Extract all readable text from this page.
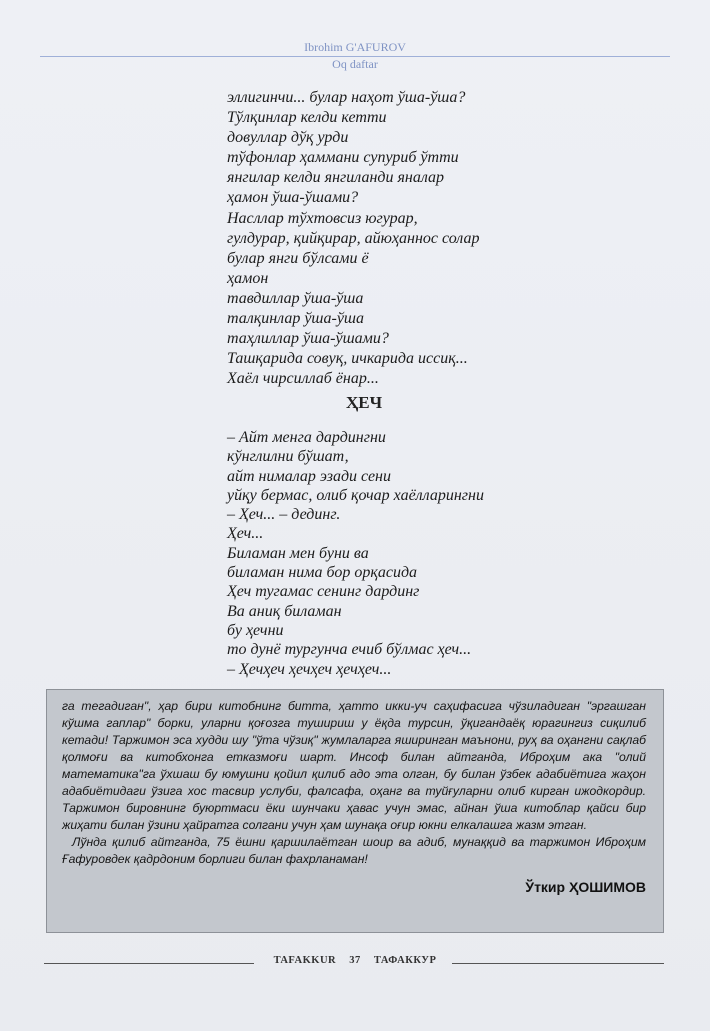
Ibrohim G'AFUROV
Oq daftar
эллигинчи... булар наҳот ўша-ўша?
Тўлқинлар келди кетти
довуллар дўқ урди
тўфонлар ҳаммани супуриб ўтти
янгилар келди янгиланди яналар
ҳамон ўша-ўшами?
Насллар тўхтовсиз югурар,
гулдурар, қийқирар, айюҳаннос солар
булар янги бўлсами ё
ҳамон
тавдиллар ўша-ўша
талқинлар ўша-ўша
таҳлиллар ўша-ўшами?
Ташқарида совуқ, ичкарида иссиқ...
Хаёл чирсиллаб ёнар...
ҲЕЧ
– Айт менга дардингни
кўнглилни бўшат,
айт нималар эзади сени
уйқу бермас, олиб қочар хаёлларингни
– Ҳеч... – дединг.
Ҳеч...
Биламан мен буни ва
биламан нима бор орқасида
Ҳеч тугамас сенинг дардинг
Ва аниқ биламан
бу ҳечни
то дунё тургунча ечиб бўлмас ҳеч...
– Ҳечҳеч ҳечҳеч ҳечҳеч...

га тегадиган", ҳар бири китобнинг битта, ҳатто икки-уч саҳифасига чўзиладиган "эргашган кўшма гаплар" борки, уларни қоғозга тушириш у ёқда турсин, ўқигандаёқ юрагингиз сиқилиб кетади! Таржимон эса худди шу "ўта чўзиқ" жумлаларга яширинган маънони, руҳ ва оҳангни сақлаб қолмоғи ва китобхонга етказмоғи шарт. Инсоф билан айтганда, Иброҳим ака "олий математика"га ўхшаш бу юмушни қойил қилиб адо эта олган, бу билан ўзбек адабиётига жаҳон адабиётидаги ўзига хос тасвир услуби, фалсафа, оҳанг ва туйғуларни олиб кирган ижодкордир. Таржимон бировнинг буюртмаси ёки шунчаки ҳавас учун эмас, айнан ўша китоблар қайси бир жиҳати билан ўзини ҳайратга солгани учун ҳам шунақа оғир юкни елкалашга жазм этган.

Лўнда қилиб айтганда, 75 ёшни қаршилаётган шоир ва адиб, мунаққид ва таржимон Иброҳим Ғафуровдек қадрдоним борлиги билан фахрланаман!

Ўткир ҲОШИМОВ
TAFAKKUR 37 ТАФАККУР
